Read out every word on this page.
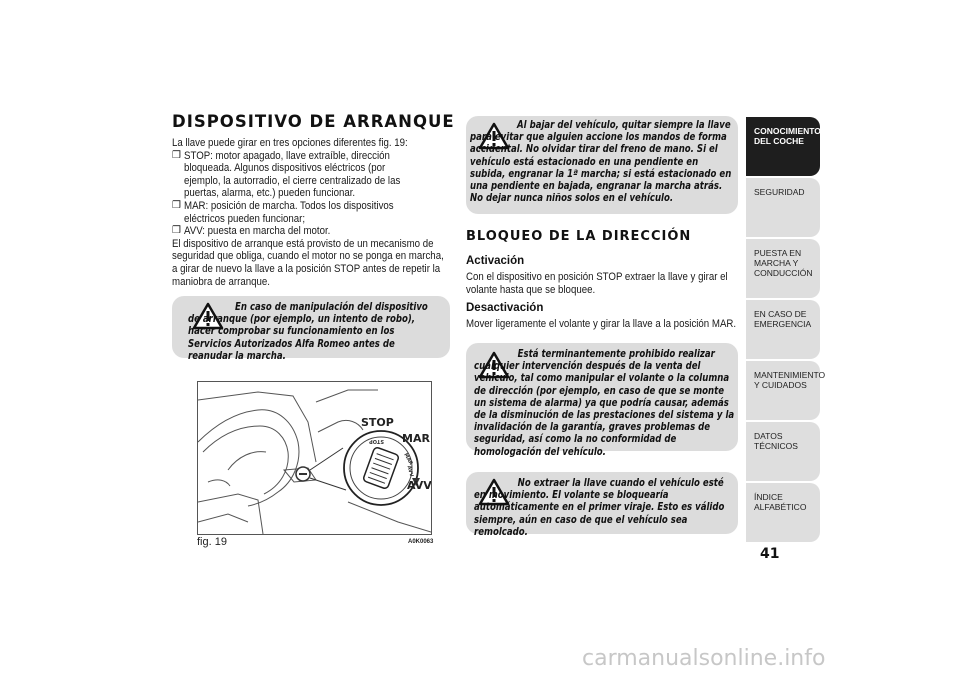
DISPOSITIVO DE ARRANQUE

La llave puede girar en tres opciones diferentes fig. 19:

❒ STOP: motor apagado, llave extraíble, dirección bloqueada. Algunos dispositivos eléctricos (por ejemplo, la autorradio, el cierre centralizado de las puertas, alarma, etc.) pueden funcionar.

❒ MAR: posición de marcha. Todos los dispositivos eléctricos pueden funcionar;

❒ AVV: puesta en marcha del motor.

El dispositivo de arranque está provisto de un mecanismo de seguridad que obliga, cuando el motor no se ponga en marcha, a girar de nuevo la llave a la posición STOP antes de repetir la maniobra de arranque.

En caso de manipulación del dispositivo de arranque (por ejemplo, un intento de robo), hacer comprobar su funcionamiento en los Servicios Autorizados Alfa Romeo antes de reanudar la marcha.
Al bajar del vehículo, quitar siempre la llave para evitar que alguien accione los mandos de forma accidental. No olvidar tirar del freno de mano. Si el vehículo está estacionado en una pendiente en subida, engranar la 1ª marcha; si está estacionado en una pendiente en bajada, engranar la marcha atrás. No dejar nunca niños solos en el vehículo.
BLOQUEO DE LA DIRECCIÓN
Activación

Con el dispositivo en posición STOP extraer la llave y girar el volante hasta que se bloquee.

Desactivación

Mover ligeramente el volante y girar la llave a la posición MAR.

Está terminantemente prohibido realizar cualquier intervención después de la venta del vehículo, tal como manipular el volante o la columna de dirección (por ejemplo, en caso de que se monte un sistema de alarma) ya que podría causar, además de la disminución de las prestaciones del sistema y la invalidación de la garantía, graves problemas de seguridad, así como la no conformidad de homologación del vehículo.
No extraer la llave cuando el vehículo esté en movimiento. El volante se bloquearía automáticamente en el primer viraje. Esto es válido siempre, aún en caso de que el vehículo sea remolcado.
STOP
MAR
AVV
STOP
MAR
AVV
fig. 19	A0K0063
CONOCIMIENTO DEL COCHE
SEGURIDAD
PUESTA EN MARCHA Y CONDUCCIÓN
EN CASO DE EMERGENCIA
MANTENIMIENTO Y CUIDADOS
DATOS TÉCNICOS
ÍNDICE ALFABÉTICO
41
carmanualsonline.info
